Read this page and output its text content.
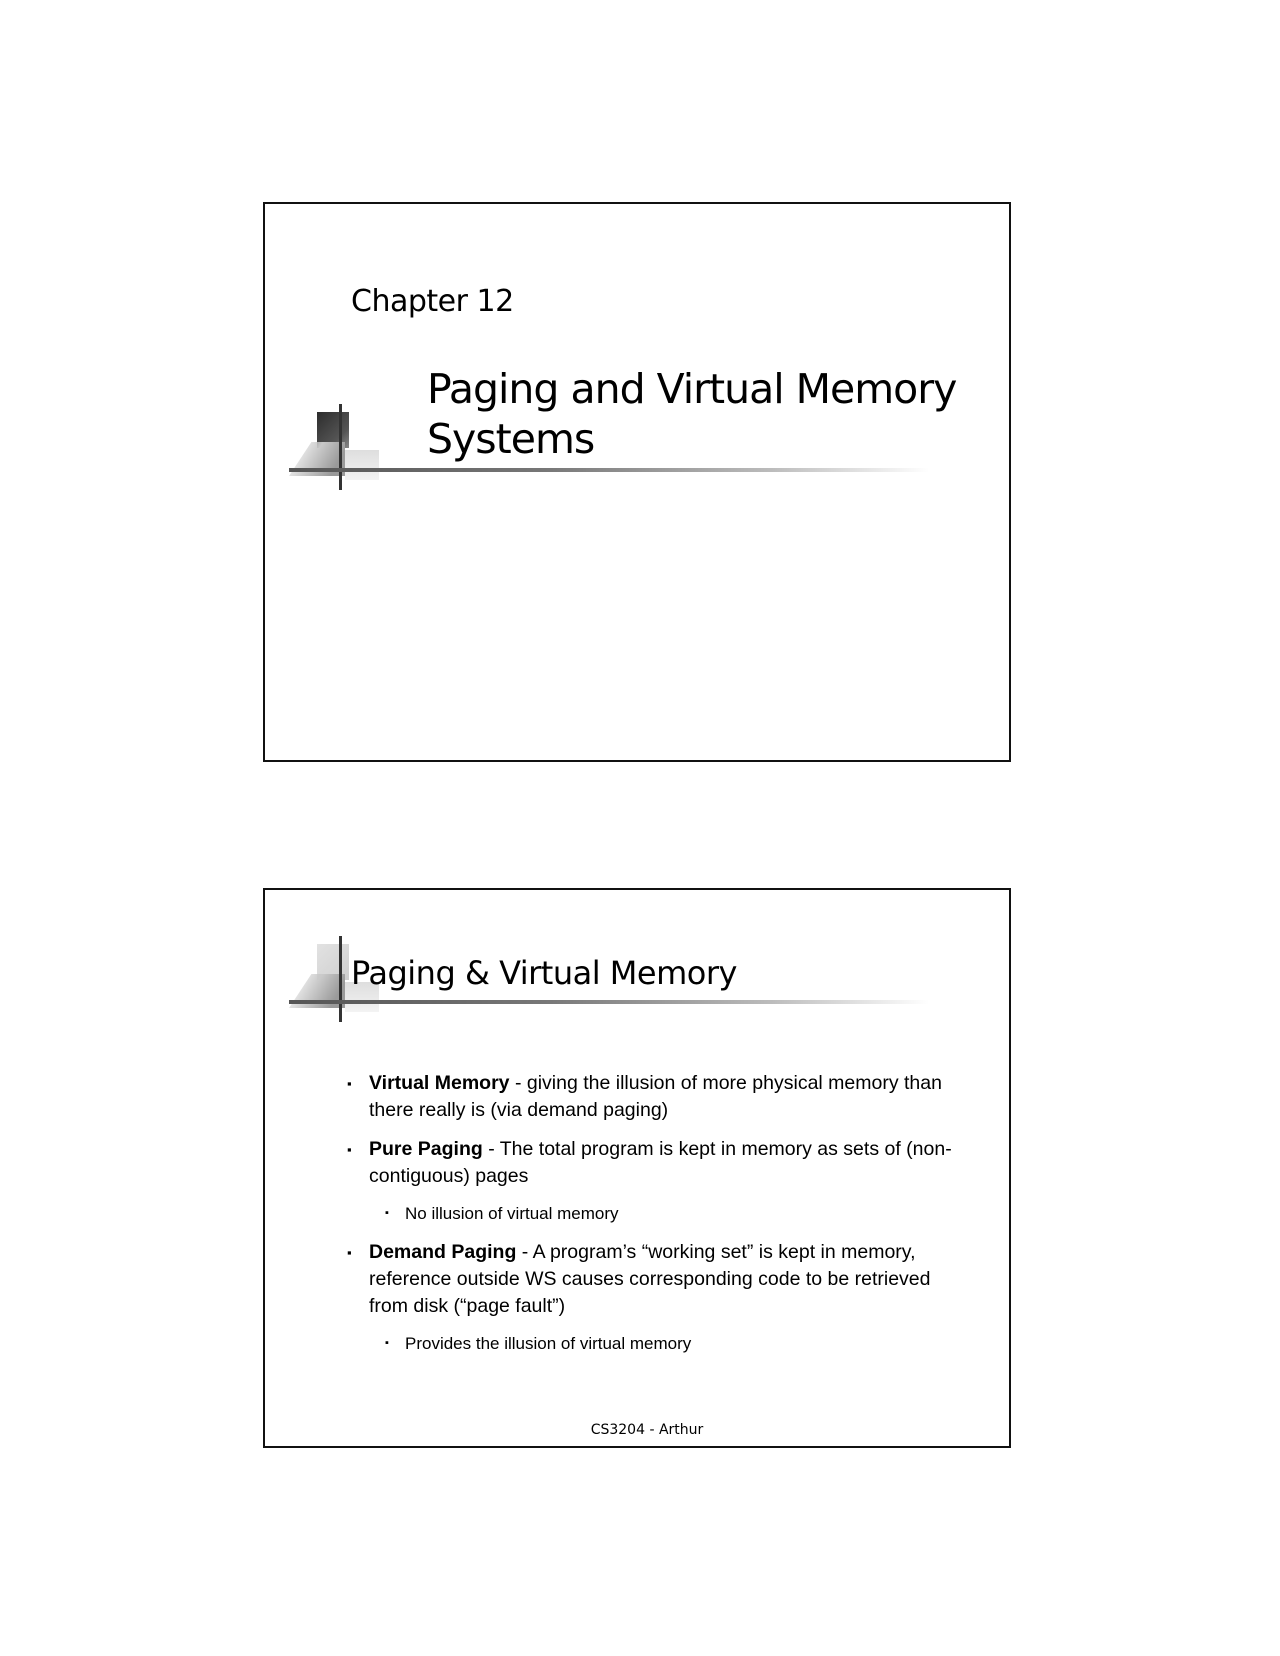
Chapter 12
Paging and Virtual Memory
Systems
Paging & Virtual Memory
▪ Virtual Memory - giving the illusion of more physical memory than there really is (via demand paging)
▪ Pure Paging - The total program is kept in memory as sets of (non-contiguous) pages
▪ No illusion of virtual memory
▪ Demand Paging - A program’s “working set” is kept in memory, reference outside WS causes corresponding code to be retrieved from disk (“page fault”)
▪ Provides the illusion of virtual memory
CS3204 - Arthur
